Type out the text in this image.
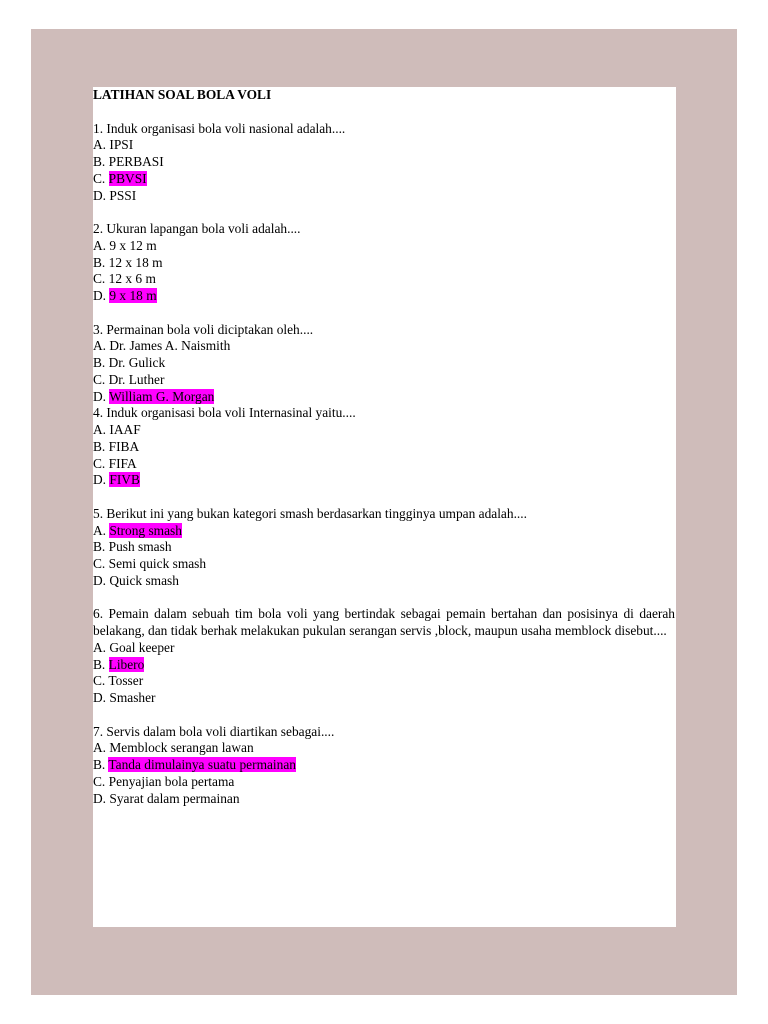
LATIHAN SOAL BOLA VOLI
1. Induk organisasi bola voli nasional adalah....
A. IPSI
B. PERBASI
C. PBVSI
D. PSSI
2. Ukuran lapangan bola voli adalah....
A. 9 x 12 m
B. 12 x 18 m
C. 12 x 6 m
D. 9 x 18 m
3. Permainan bola voli diciptakan oleh....
A. Dr. James A. Naismith
B. Dr. Gulick
C. Dr. Luther
D. William G. Morgan
4. Induk organisasi bola voli Internasinal yaitu....
A. IAAF
B. FIBA
C. FIFA
D. FIVB
5. Berikut ini yang bukan kategori smash berdasarkan tingginya umpan adalah....
A. Strong smash
B. Push smash
C. Semi quick smash
D. Quick smash
6. Pemain dalam sebuah tim bola voli yang bertindak sebagai pemain bertahan dan posisinya di daerah belakang, dan tidak berhak melakukan pukulan serangan servis ,block, maupun usaha memblock disebut....
A. Goal keeper
B. Libero
C. Tosser
D. Smasher
7. Servis dalam bola voli diartikan sebagai....
A. Memblock serangan lawan
B. Tanda dimulainya suatu permainan
C. Penyajian bola pertama
D. Syarat dalam permainan
